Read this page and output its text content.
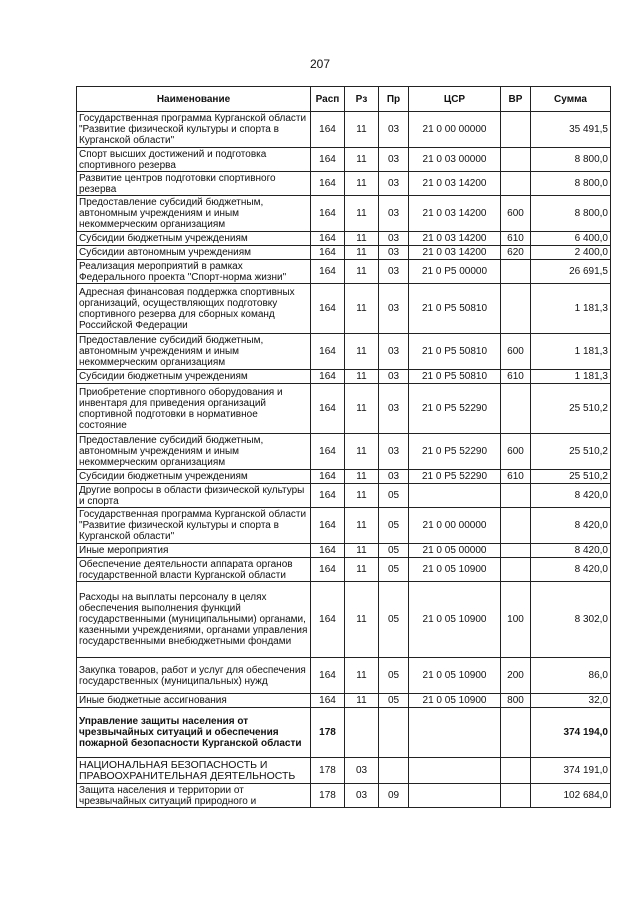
207
Наименование	Расп	Рз	Пр	ЦСР	ВР	Сумма
Государственная программа Курганской области "Развитие физической культуры и спорта в Курганской области"	164	11	03	21 0 00 00000		35 491,5
Спорт высших достижений и подготовка спортивного резерва	164	11	03	21 0 03 00000		8 800,0
Развитие центров подготовки спортивного резерва	164	11	03	21 0 03 14200		8 800,0
Предоставление субсидий бюджетным, автономным учреждениям и иным некоммерческим организациям	164	11	03	21 0 03 14200	600	8 800,0
Субсидии бюджетным учреждениям	164	11	03	21 0 03 14200	610	6 400,0
Субсидии автономным учреждениям	164	11	03	21 0 03 14200	620	2 400,0
Реализация мероприятий в рамках Федерального проекта "Спорт-норма жизни"	164	11	03	21 0 P5 00000		26 691,5
Адресная финансовая поддержка спортивных организаций, осуществляющих подготовку спортивного резерва для сборных команд Российской Федерации	164	11	03	21 0 P5 50810		1 181,3
Предоставление субсидий бюджетным, автономным учреждениям и иным некоммерческим организациям	164	11	03	21 0 P5 50810	600	1 181,3
Субсидии бюджетным учреждениям	164	11	03	21 0 P5 50810	610	1 181,3
Приобретение спортивного оборудования и инвентаря для приведения организаций спортивной подготовки в нормативное состояние	164	11	03	21 0 P5 52290		25 510,2
Предоставление субсидий бюджетным, автономным учреждениям и иным некоммерческим организациям	164	11	03	21 0 P5 52290	600	25 510,2
Субсидии бюджетным учреждениям	164	11	03	21 0 P5 52290	610	25 510,2
Другие вопросы в области физической культуры и спорта	164	11	05			8 420,0
Государственная программа Курганской области "Развитие физической культуры и спорта в Курганской области"	164	11	05	21 0 00 00000		8 420,0
Иные мероприятия	164	11	05	21 0 05 00000		8 420,0
Обеспечение деятельности аппарата органов государственной власти Курганской области	164	11	05	21 0 05 10900		8 420,0
Расходы на выплаты персоналу в целях обеспечения выполнения функций государственными (муниципальными) органами, казенными учреждениями, органами управления государственными внебюджетными фондами	164	11	05	21 0 05 10900	100	8 302,0
Закупка товаров, работ и услуг для обеспечения государственных (муниципальных) нужд	164	11	05	21 0 05 10900	200	86,0
Иные бюджетные ассигнования	164	11	05	21 0 05 10900	800	32,0
Управление защиты населения от чрезвычайных ситуаций и обеспечения пожарной безопасности Курганской области	178					374 194,0
НАЦИОНАЛЬНАЯ БЕЗОПАСНОСТЬ И ПРАВООХРАНИТЕЛЬНАЯ ДЕЯТЕЛЬНОСТЬ	178	03				374 191,0
Защита населения и территории от чрезвычайных ситуаций природного и	178	03	09			102 684,0
